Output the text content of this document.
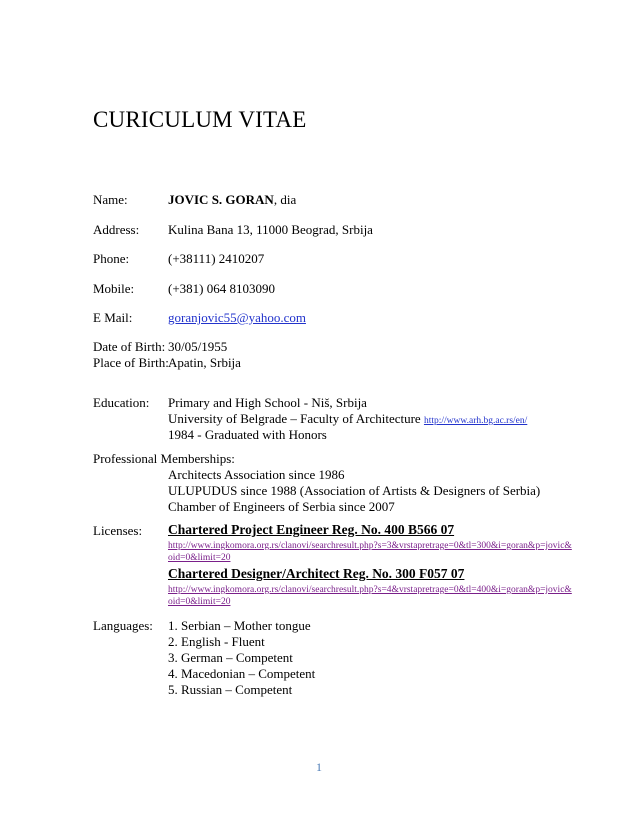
CURICULUM VITAE
Name:	JOVIC S. GORAN, dia
Address: Kulina Bana 13, 11000 Beograd, Srbija
Phone:	(+38111) 2410207
Mobile:	(+381) 064 8103090
E Mail:	goranjovic55@yahoo.com
Date of Birth: 30/05/1955
Place of Birth: Apatin, Srbija
Education: Primary and High School - Niš, Srbija
University of Belgrade – Faculty of Architecture http://www.arh.bg.ac.rs/en/
1984 - Graduated with Honors
Professional Memberships:
Architects Association since 1986
ULUPUDUS since 1988 (Association of Artists & Designers of Serbia)
Chamber of Engineers of Serbia since 2007
Licenses: Chartered Project Engineer Reg. No. 400 B566 07
http://www.ingkomora.org.rs/clanovi/searchresult.php?s=3&vrstapretrage=0&tl=300&i=goran&p=jovic&
oid=0&limit=20
Chartered Designer/Architect Reg. No. 300 F057 07
http://www.ingkomora.org.rs/clanovi/searchresult.php?s=4&vrstapretrage=0&tl=400&i=goran&p=jovic&
oid=0&limit=20
Languages: 1. Serbian – Mother tongue
2. English - Fluent
3. German – Competent
4. Macedonian – Competent
5. Russian – Competent
1
